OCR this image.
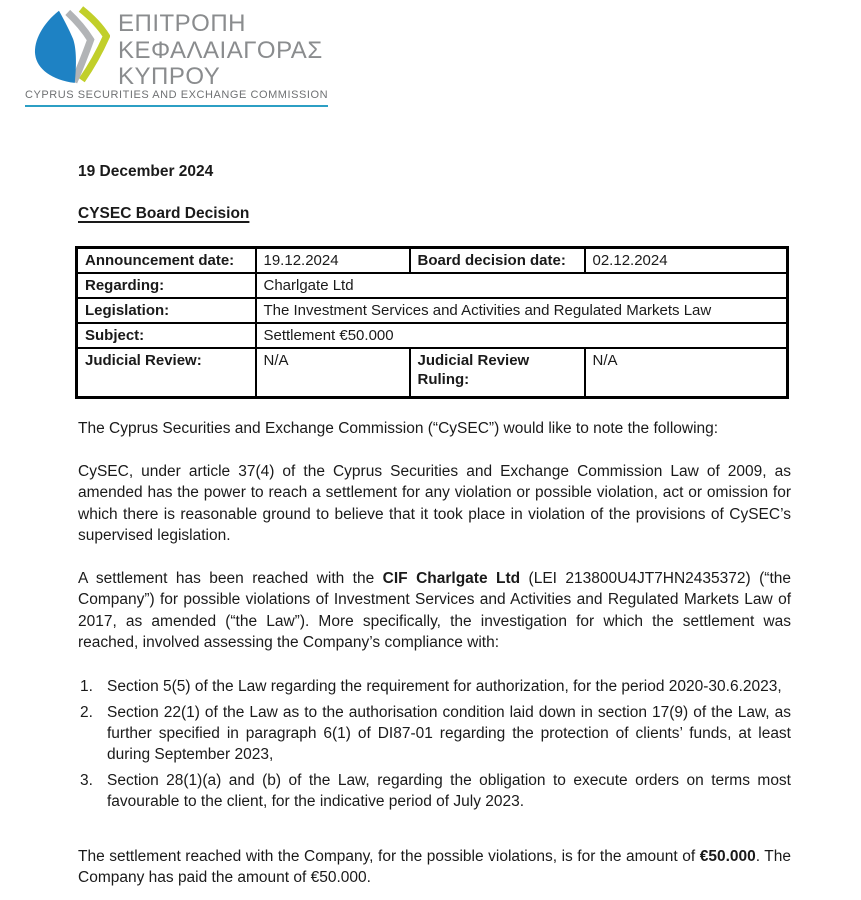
ΕΠΙΤΡΟΠΗ
ΚΕΦΑΛΑΙΑΓΟΡΑΣ
ΚΥΠΡΟΥ
CYPRUS SECURITIES AND EXCHANGE COMMISSION

19 December 2024

CYSEC Board Decision

Announcement date:	19.12.2024	Board decision date:	02.12.2024
Regarding:	Charlgate Ltd		
Legislation:	The Investment Services and Activities and Regulated Markets Law		
Subject:	Settlement €50.000		
Judicial Review:	N/A	Judicial Review Ruling:	N/A

The Cyprus Securities and Exchange Commission (“CySEC”) would like to note the following:

CySEC, under article 37(4) of the Cyprus Securities and Exchange Commission Law of 2009, as amended has the power to reach a settlement for any violation or possible violation, act or omission for which there is reasonable ground to believe that it took place in violation of the provisions of CySEC’s supervised legislation.

A settlement has been reached with the CIF Charlgate Ltd (LEI 213800U4JT7HN2435372) (“the Company”) for possible violations of Investment Services and Activities and Regulated Markets Law of 2017, as amended (“the Law”). More specifically, the investigation for which the settlement was reached, involved assessing the Company’s compliance with:

1. Section 5(5) of the Law regarding the requirement for authorization, for the period 2020-30.6.2023,
2. Section 22(1) of the Law as to the authorisation condition laid down in section 17(9) of the Law, as further specified in paragraph 6(1) of DI87-01 regarding the protection of clients’ funds, at least during September 2023,
3. Section 28(1)(a) and (b) of the Law, regarding the obligation to execute orders on terms most favourable to the client, for the indicative period of July 2023.

The settlement reached with the Company, for the possible violations, is for the amount of €50.000. The Company has paid the amount of €50.000.
